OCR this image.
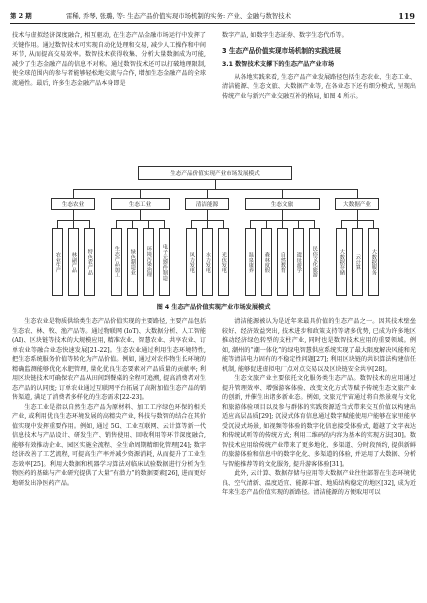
第 2 期	雷稀, 乔琴, 张璐, 等: 生态产品价值实现市场机制的实务: 产业、金融与数智技术	119

技术与虚拟经济深度融合, 相互驱动, 在生态产品金融市场运行中发挥了关键作用。通过数智技术可实现自动化处理和交易, 减少人工操作和中间环节, 从而提高交易效率。数智技术获得收集、分析大量数据成为可能, 减少了生态金融产品的信息不对称。通过数智技术还可以打破地理限制, 使全球范围内的参与者能够轻松地交流与合作, 增加生态金融产品的全球流通性。最后, 许多生态金融产品本身即是

数字产品, 如数字生态证券、数字生态代币等。

3 生态产品价值实现市场机制的实践进展

3.1 数智技术支撑下的生态产品产业市场

从各地实践来看, 生态产品产业发展路径包括生态农业、生态工业、清洁能源、生态文旅、大数据产业等, 在各业态下还有细分模式, 呈现出传统产业与新兴产业交融互补的格局, 如图 4 所示。

生态产品价值实现产业市场发展模式
生态农业
农业生产	林副产品	特色农产品
生态工业
生态产品加工	绿色制造业	环境污染治理	电子元器件制造
清洁能源
风力发电	水力发电	光伏发电
生态文旅
温泉康养	森林度假	自然教育	遗址游学	民俗文化旅游
大数据产业
大数据存储	云计算	大数据服务
图 4 生态产品价值实现产业市场发展模式

生态农业是物质供给类生态产品价值实现的主要路径, 主要产品包括生态农、林、牧、渔产品等。通过物联网 (IoT)、大数据分析、人工智能 (AI)、区块链等技术的大规模应用, 精准农业、智慧农业、共享农业、订单农业等融合业态快速发展[21-22]。生态农业通过利用生态环境特性, 把生态系统服务价值等转化为产品价值。例如, 通过对农作物生长环境的精确监测能够优化水肥管理, 量化优良生态要素对产品质量的贡献率; 利用区块链技术可确保农产品从田间到餐桌的全程可追溯, 提高消费者对生态产品的认同度; 订单农业通过互联网平台拓展了高附加值生态产品的销售渠道, 满足了消费者多样化的生态需求[22-23]。

生态工业是指以自然生态产品为原材料、加工工序绿色环保的相关产业, 或利用优良生态环境发展的高精尖产业, 科技与数智的结合在其价值实现中发挥重要作用。例如, 通过 5G、工业互联网、云计算等新一代信息技术与产品设计、研发生产、销售使用、回收利用等环节深度融合, 能够有效推动企业、园区实施全流程、全生命周期精细化管理[24]; 数字经济改善了工艺流程, 可提高生产率并减少资源消耗, 从而提升了工业生态效率[25]。利用大数据和机器学习算法对临床试验数据进行分析为生物医药的基础与产业研究提供了大量“有潜力”的数据要素[26], 进而更好地研发出净医药产品。

清洁能源被认为是近年来最具价值的生态产品之一。因其技术壁垒较好、经济效益突出, 技术进步和政策支持等诸多优势, 已成为许多地区推动经济绿色转型的支柱产业, 同时也是数智技术应用的重要领域。例如, 潮州的“潮一体化”的绿电智慧供应系统实现了最大限度解决风能和光能等清洁电力固有的不稳定性问题[27]; 利用区块链的共识算法构建信任机制, 能够促进虚拟电厂点对点交易以及区块链安全共享[28]。

生态文旅产业主要依托文化服务类生态产品。数智技术的应用通过提升管理效率、增强游客体验、改变文化方式等赋予传统生态文旅产业的创新, 并催生出诸多新业态。例如, 文旅元宇宙通过将自然景观与文化和旅游体验项目以及参与群体的实践资源适当式带来交互价值以构建出适应高层品质[29]; 沉浸式体育信息通过数字赋能使用户能够在家里能享受沉浸式场景, 如视频等体验的数字化信息接受体验式, 超越了文字表达和传统试听等的传统方式; 利用二维码的内容为基本的实现方法[30]。数智技术应用给传统产业带来了更多地化、多渠道、分时段预约, 提供新鲜的旅游体验和信息中的数字化化、多渠道的体验, 并运用了大数据、分析与智能推荐等的文化服务, 提升游客体验[31]。

此外, 云计算、数据存储与应用等大数据产业往往部署在生态环境优良、空气清新、温度适宜、能源丰富、地质结构稳定的地区[32], 成为近年来生态产品价值实现的新路径。清洁能源的方便取用可以
